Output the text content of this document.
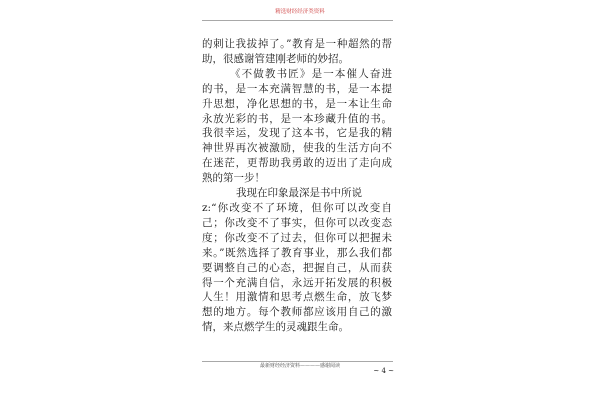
精选财经经济类资料
的刺让我拔掉了。”教育是一种超然的帮
助，很感谢管建刚老师的妙招。
《不做教书匠》是一本催人奋进
的书，是一本充满智慧的书，是一本提
升思想，净化思想的书，是一本让生命
永放光彩的书，是一本珍藏升值的书。
我很幸运，发现了这本书，它是我的精
神世界再次被激励，使我的生活方向不
在迷茫，更帮助我勇敢的迈出了走向成
熟的第一步！
我现在印象最深是书中所说
z:“你改变不了环境，但你可以改变自
己；你改变不了事实，但你可以改变态
度；你改变不了过去，但你可以把握未
来。”既然选择了教育事业，那么我们都
要调整自己的心态，把握自己，从而获
得一个充满自信，永远开拓发展的积极
人生！用激情和思考点燃生命，放飞梦
想的地方。每个教师都应该用自己的激
情，来点燃学生的灵魂跟生命。
最新财经经济资料————感谢阅读
~ 4 ~
